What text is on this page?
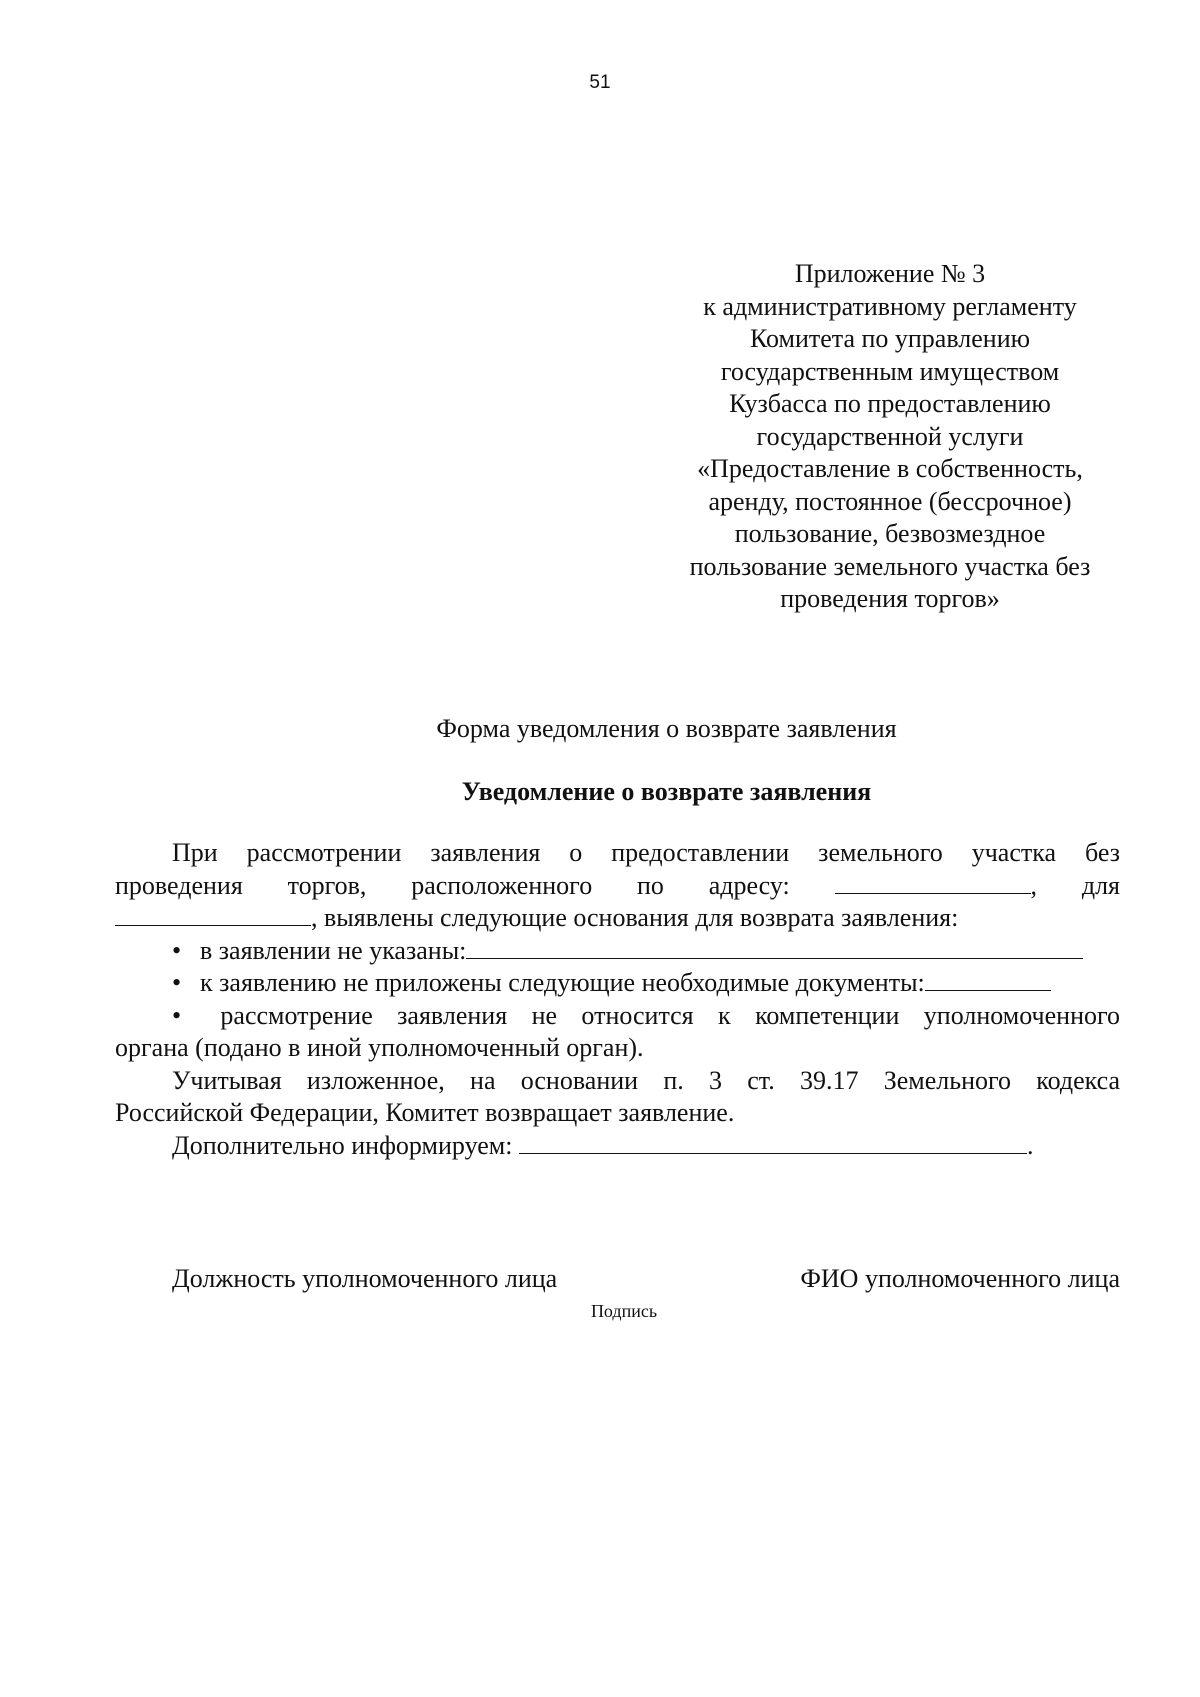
51
Приложение № 3
к административному регламенту
Комитета по управлению
государственным имуществом
Кузбасса по предоставлению
государственной услуги
«Предоставление в собственность,
аренду, постоянное (бессрочное)
пользование, безвозмездное
пользование земельного участка без
проведения торгов»
Форма уведомления о возврате заявления
Уведомление о возврате заявления
При рассмотрении заявления о предоставлении земельного участка без
проведения торгов, расположенного по адресу:	, для
, выявлены следующие основания для возврата заявления:
• в заявлении не указаны:
• к заявлению не приложены следующие необходимые документы:
• рассмотрение заявления не относится к компетенции уполномоченного
органа (подано в иной уполномоченный орган).
Учитывая изложенное, на основании п. 3 ст. 39.17 Земельного кодекса
Российской Федерации, Комитет возвращает заявление.
Дополнительно информируем:	.
Должность уполномоченного лица	ФИО уполномоченного лица
Подпись
